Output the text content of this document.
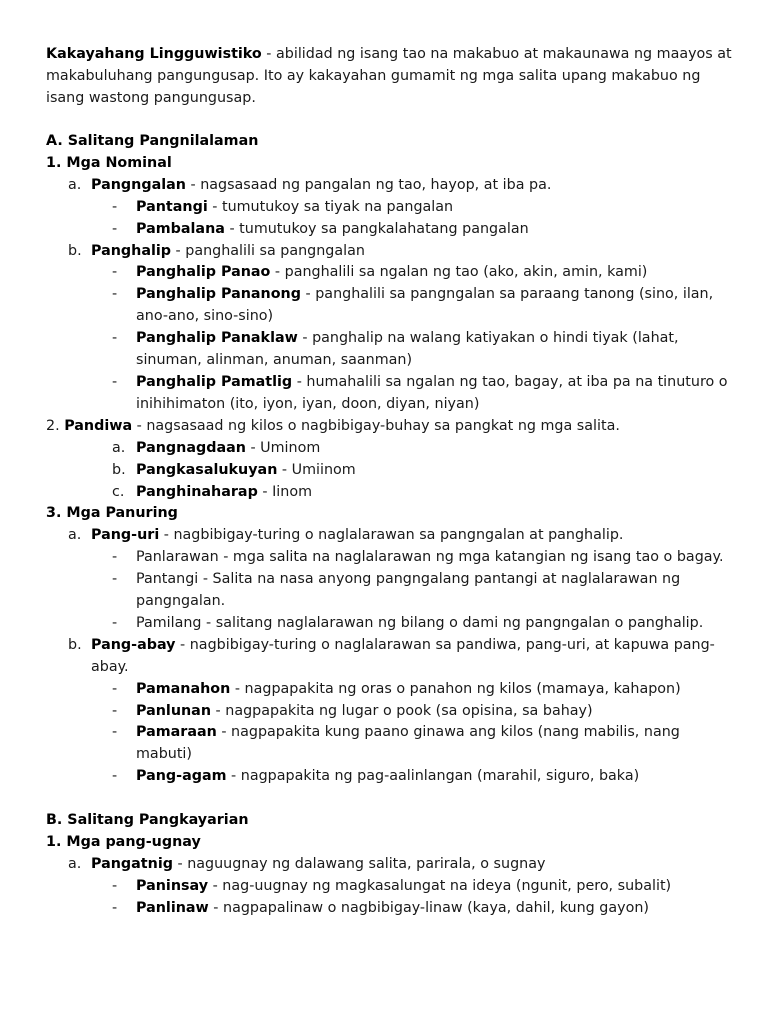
Kakayahang Lingguwistiko - abilidad ng isang tao na makabuo at makaunawa ng maayos at makabuluhang pangungusap. Ito ay kakayahan gumamit ng mga salita upang makabuo ng isang wastong pangungusap.

A. Salitang Pangnilalaman
1. Mga Nominal
a. Pangngalan - nagsasaad ng pangalan ng tao, hayop, at iba pa.
- Pantangi - tumutukoy sa tiyak na pangalan
- Pambalana - tumutukoy sa pangkalahatang pangalan
b. Panghalip - panghalili sa pangngalan
- Panghalip Panao - panghalili sa ngalan ng tao (ako, akin, amin, kami)
- Panghalip Pananong - panghalili sa pangngalan sa paraang tanong (sino, ilan, ano-ano, sino-sino)
- Panghalip Panaklaw - panghalip na walang katiyakan o hindi tiyak (lahat, sinuman, alinman, anuman, saanman)
- Panghalip Pamatlig - humahalili sa ngalan ng tao, bagay, at iba pa na tinuturo o inihihimaton (ito, iyon, iyan, doon, diyan, niyan)
2. Pandiwa - nagsasaad ng kilos o nagbibigay-buhay sa pangkat ng mga salita.
a. Pangnagdaan - Uminom
b. Pangkasalukuyan - Umiinom
c. Panghinaharap - Iinom
3. Mga Panuring
a. Pang-uri - nagbibigay-turing o naglalarawan sa pangngalan at panghalip.
- Panlarawan - mga salita na naglalarawan ng mga katangian ng isang tao o bagay.
- Pantangi - Salita na nasa anyong pangngalang pantangi at naglalarawan ng pangngalan.
- Pamilang - salitang naglalarawan ng bilang o dami ng pangngalan o panghalip.
b. Pang-abay - nagbibigay-turing o naglalarawan sa pandiwa, pang-uri, at kapuwa pang-abay.
- Pamanahon - nagpapakita ng oras o panahon ng kilos (mamaya, kahapon)
- Panlunan - nagpapakita ng lugar o pook (sa opisina, sa bahay)
- Pamaraan - nagpapakita kung paano ginawa ang kilos (nang mabilis, nang mabuti)
- Pang-agam - nagpapakita ng pag-aalinlangan (marahil, siguro, baka)
B. Salitang Pangkayarian
1. Mga pang-ugnay
a. Pangatnig - naguugnay ng dalawang salita, parirala, o sugnay
- Paninsay - nag-uugnay ng magkasalungat na ideya (ngunit, pero, subalit)
- Panlinaw - nagpapalinaw o nagbibigay-linaw (kaya, dahil, kung gayon)
